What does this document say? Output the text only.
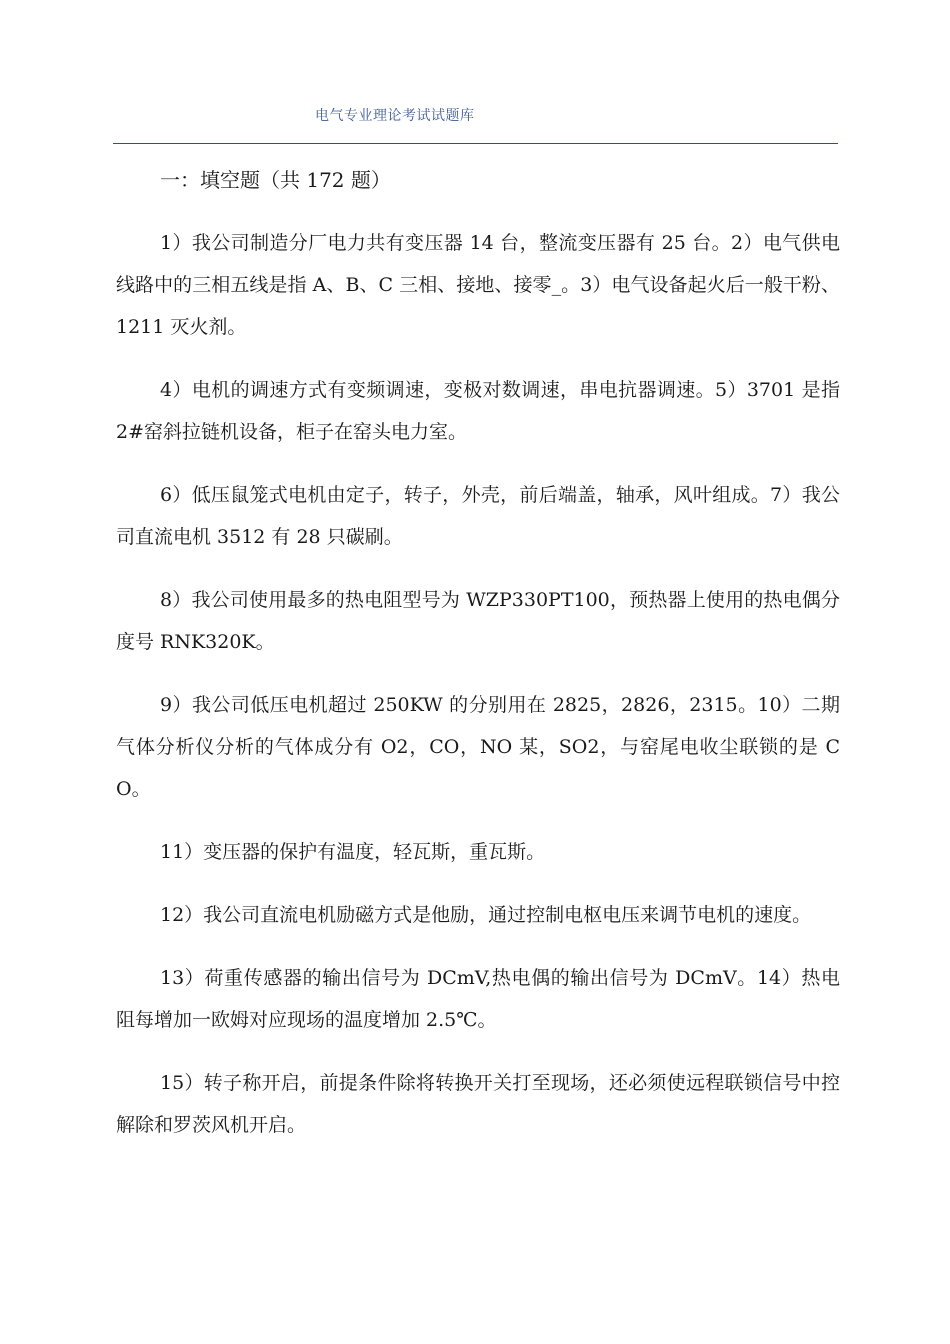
电气专业理论考试试题库
一：填空题（共 172 题）

1）我公司制造分厂电力共有变压器 14 台，整流变压器有 25 台。2）电气供电线路中的三相五线是指 A、B、C 三相、接地、接零_。3）电气设备起火后一般干粉、1211 灭火剂。

4）电机的调速方式有变频调速，变极对数调速，串电抗器调速。5）3701 是指 2#窑斜拉链机设备，柜子在窑头电力室。

6）低压鼠笼式电机由定子，转子，外壳，前后端盖，轴承，风叶组成。7）我公司直流电机 3512 有 28 只碳刷。

8）我公司使用最多的热电阻型号为 WZP330PT100，预热器上使用的热电偶分度号 RNK320K。

9）我公司低压电机超过 250KW 的分别用在 2825，2826，2315。10）二期气体分析仪分析的气体成分有 O2，CO，NO 某，SO2，与窑尾电收尘联锁的是 CO。

11）变压器的保护有温度，轻瓦斯，重瓦斯。

12）我公司直流电机励磁方式是他励，通过控制电枢电压来调节电机的速度。

13）荷重传感器的输出信号为 DCmV,热电偶的输出信号为 DCmV。14）热电阻每增加一欧姆对应现场的温度增加 2.5℃。

15）转子称开启，前提条件除将转换开关打至现场，还必须使远程联锁信号中控解除和罗茨风机开启。
